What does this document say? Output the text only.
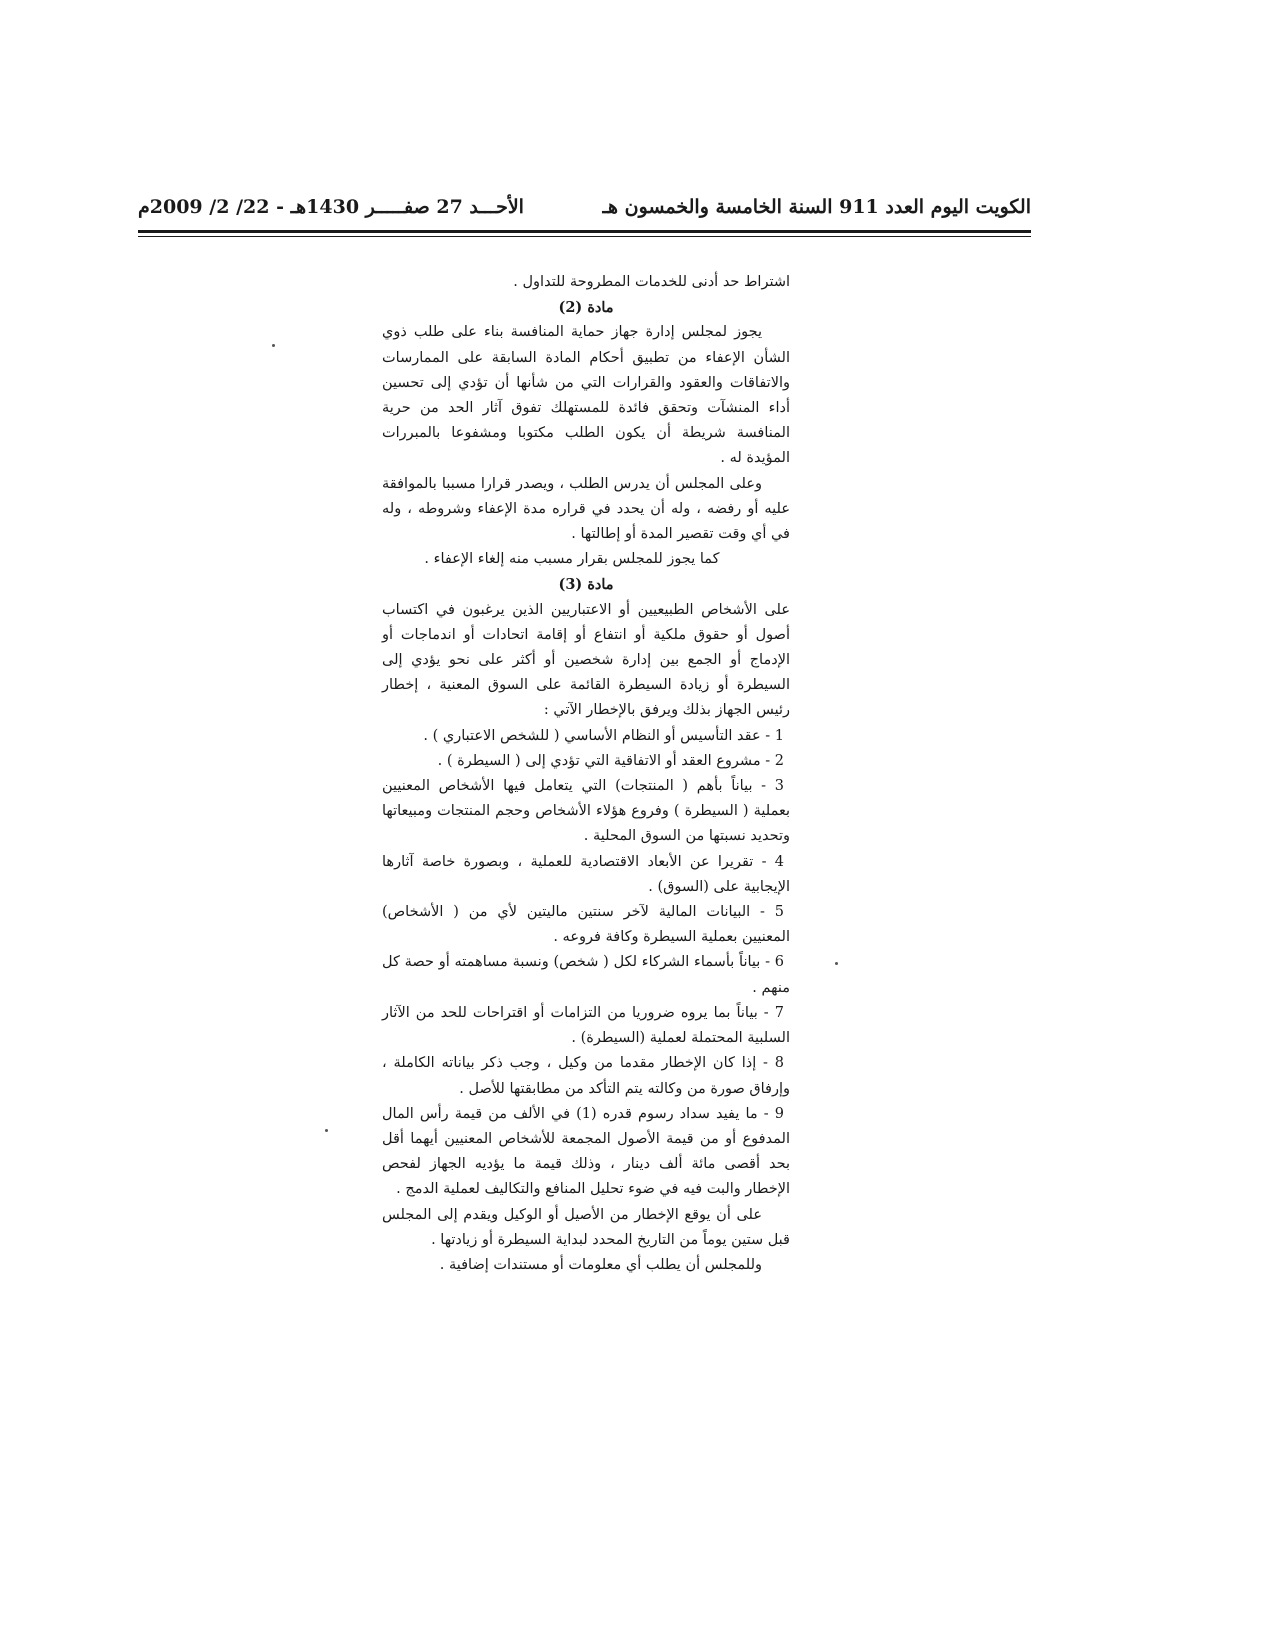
الكويت اليوم العدد 911 السنة الخامسة والخمسون هـ
الأحـــد 27 صفـــــر 1430هـ - 22/ 2/ 2009م

اشتراط حد أدنى للخدمات المطروحة للتداول .

مادة (2)

يجوز لمجلس إدارة جهاز حماية المنافسة بناء على طلب ذوي الشأن الإعفاء من تطبيق أحكام المادة السابقة على الممارسات والاتفاقات والعقود والقرارات التي من شأنها أن تؤدي إلى تحسين أداء المنشآت وتحقق فائدة للمستهلك تفوق آثار الحد من حرية المنافسة شريطة أن يكون الطلب مكتوبا ومشفوعا بالمبررات المؤيدة له .

وعلى المجلس أن يدرس الطلب ، ويصدر قرارا مسببا بالموافقة عليه أو رفضه ، وله أن يحدد في قراره مدة الإعفاء وشروطه ، وله في أي وقت تقصير المدة أو إطالتها .

كما يجوز للمجلس بقرار مسبب منه إلغاء الإعفاء .

مادة (3)

على الأشخاص الطبيعيين أو الاعتباريين الذين يرغبون في اكتساب أصول أو حقوق ملكية أو انتفاع أو إقامة اتحادات أو اندماجات أو الإدماج أو الجمع بين إدارة شخصين أو أكثر على نحو يؤدي إلى السيطرة أو زيادة السيطرة القائمة على السوق المعنية ، إخطار رئيس الجهاز بذلك ويرفق بالإخطار الآتي :

1 - عقد التأسيس أو النظام الأساسي ( للشخص الاعتباري ) .

2 - مشروع العقد أو الاتفاقية التي تؤدي إلى ( السيطرة ) .

3 - بياناً بأهم ( المنتجات) التي يتعامل فيها الأشخاص المعنيين بعملية ( السيطرة ) وفروع هؤلاء الأشخاص وحجم المنتجات ومبيعاتها وتحديد نسبتها من السوق المحلية .

4 - تقريرا عن الأبعاد الاقتصادية للعملية ، وبصورة خاصة آثارها الإيجابية على (السوق) .

5 - البيانات المالية لآخر سنتين ماليتين لأي من ( الأشخاص) المعنيين بعملية السيطرة وكافة فروعه .

6 - بياناً بأسماء الشركاء لكل ( شخص) ونسبة مساهمته أو حصة كل منهم .

7 - بياناً بما يروه ضروريا من التزامات أو اقتراحات للحد من الآثار السلبية المحتملة لعملية (السيطرة) .

8 - إذا كان الإخطار مقدما من وكيل ، وجب ذكر بياناته الكاملة ، وإرفاق صورة من وكالته يتم التأكد من مطابقتها للأصل .

9 - ما يفيد سداد رسوم قدره (1) في الألف من قيمة رأس المال المدفوع أو من قيمة الأصول المجمعة للأشخاص المعنيين أيهما أقل بحد أقصى مائة ألف دينار ، وذلك قيمة ما يؤديه الجهاز لفحص الإخطار والبت فيه في ضوء تحليل المنافع والتكاليف لعملية الدمج .

على أن يوقع الإخطار من الأصيل أو الوكيل ويقدم إلى المجلس قبل ستين يوماً من التاريخ المحدد لبداية السيطرة أو زيادتها .

وللمجلس أن يطلب أي معلومات أو مستندات إضافية .
